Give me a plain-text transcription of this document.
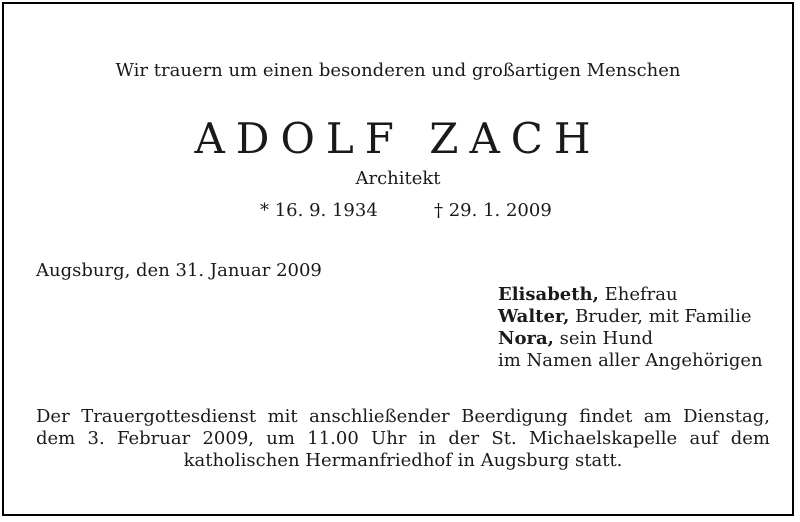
Wir trauern um einen besonderen und großartigen Menschen
ADOLF ZACH
Architekt
* 16. 9. 1934	† 29. 1. 2009
Augsburg, den 31. Januar 2009
Elisabeth, Ehefrau
Walter, Bruder, mit Familie
Nora, sein Hund
im Namen aller Angehörigen
Der Trauergottesdienst mit anschließender Beerdigung findet am Dienstag, dem 3. Februar 2009, um 11.00 Uhr in der St. Michaelskapelle auf dem katholischen Hermanfriedhof in Augsburg statt.
